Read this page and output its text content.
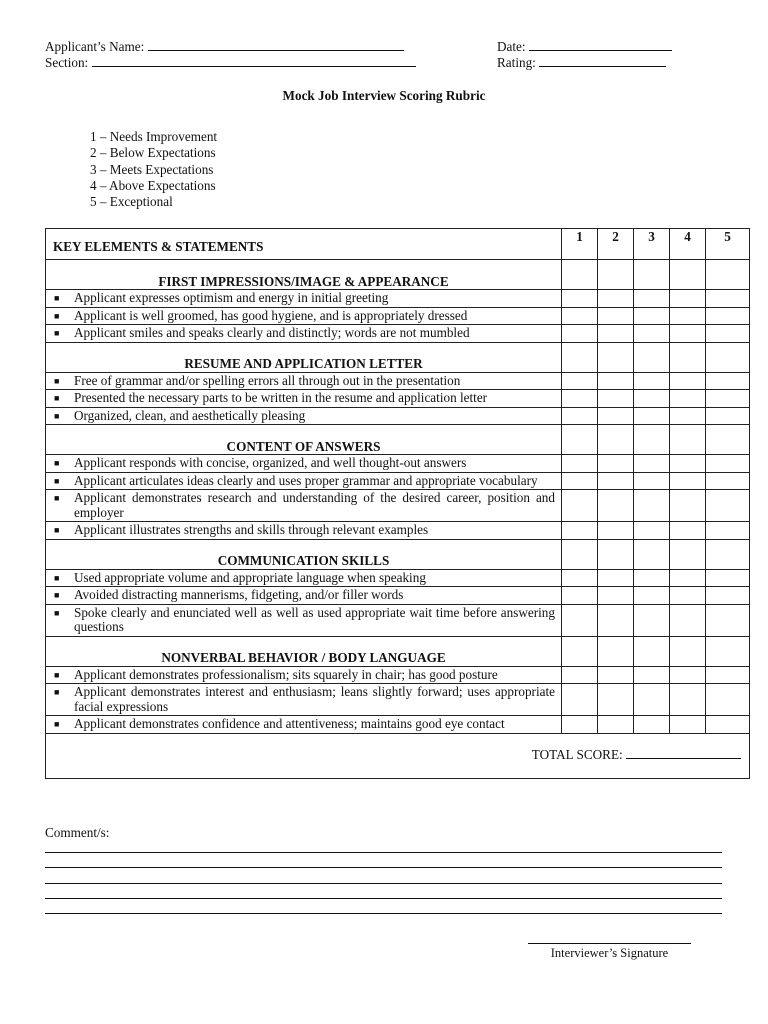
Applicant’s Name:
Section:
Date:
Rating:
Mock Job Interview Scoring Rubric
1 – Needs Improvement
2 – Below Expectations
3 – Meets Expectations
4 – Above Expectations
5 – Exceptional
KEY ELEMENTS & STATEMENTS	1	2	3	4	5
FIRST IMPRESSIONS/IMAGE & APPEARANCE					

■ Applicant expresses optimism and energy in initial greeting					

■ Applicant is well groomed, has good hygiene, and is appropriately dressed					

■ Applicant smiles and speaks clearly and distinctly; words are not mumbled					
RESUME AND APPLICATION LETTER					

■ Free of grammar and/or spelling errors all through out in the presentation					

■ Presented the necessary parts to be written in the resume and application letter					

■ Organized, clean, and aesthetically pleasing					
CONTENT OF ANSWERS					

■ Applicant responds with concise, organized, and well thought-out answers					

■ Applicant articulates ideas clearly and uses proper grammar and appropriate vocabulary					

■ Applicant demonstrates research and understanding of the desired career, position and employer					

■ Applicant illustrates strengths and skills through relevant examples					
COMMUNICATION SKILLS					

■ Used appropriate volume and appropriate language when speaking					

■ Avoided distracting mannerisms, fidgeting, and/or filler words					

■ Spoke clearly and enunciated well as well as used appropriate wait time before answering questions					
NONVERBAL BEHAVIOR / BODY LANGUAGE					

■ Applicant demonstrates professionalism; sits squarely in chair; has good posture					

■ Applicant demonstrates interest and enthusiasm; leans slightly forward; uses appropriate facial expressions					

■ Applicant demonstrates confidence and attentiveness; maintains good eye contact					
TOTAL SCORE:					
Comment/s:
Interviewer’s Signature
